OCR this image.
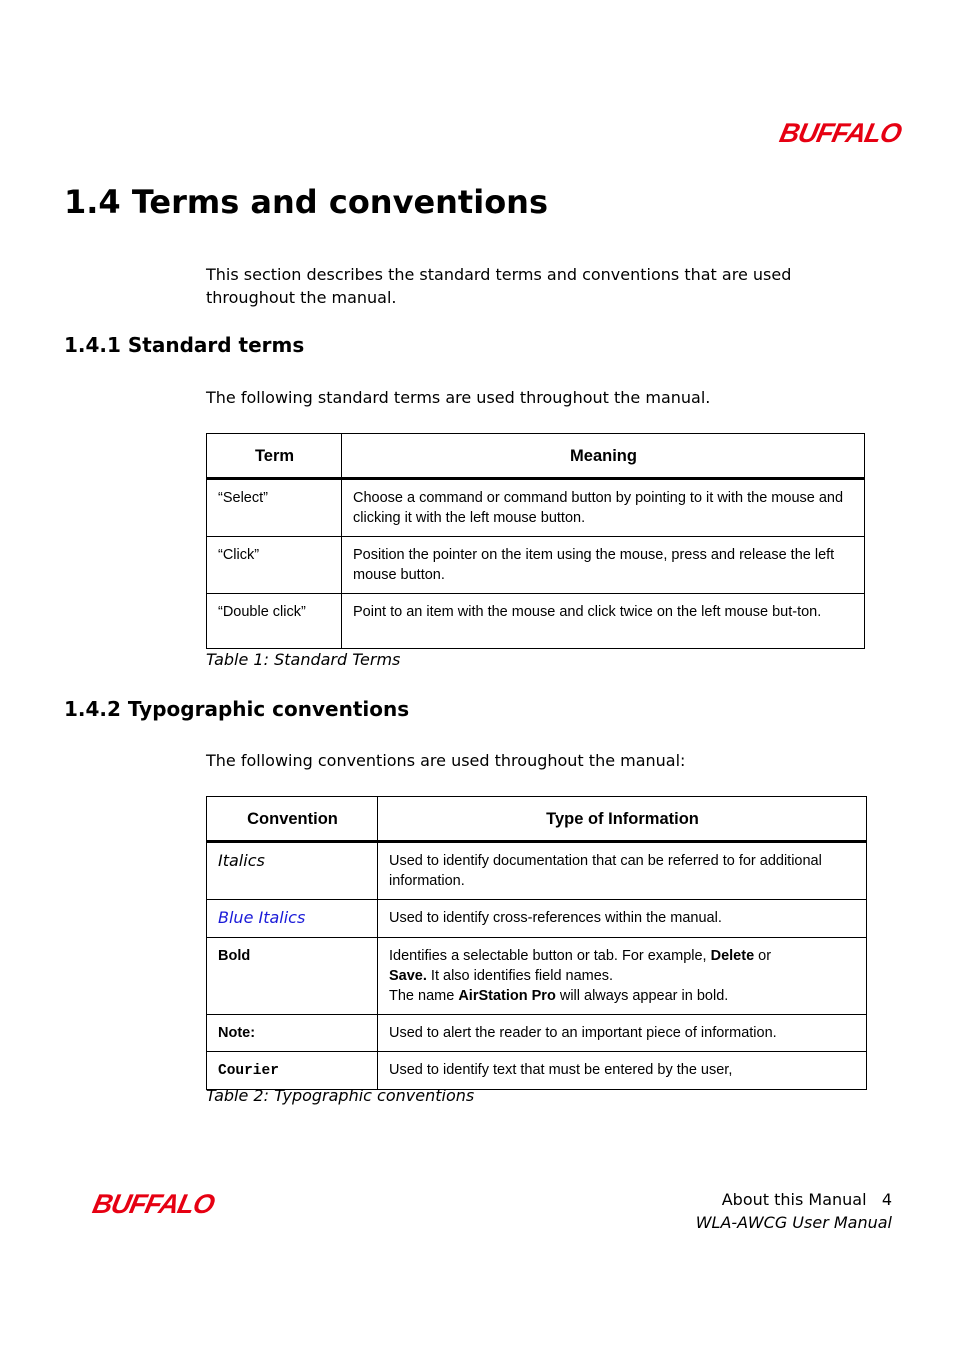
BUFFALO
1.4 Terms and conventions

This section describes the standard terms and conventions that are used throughout the manual.

1.4.1 Standard terms

The following standard terms are used throughout the manual.

Term	Meaning
“Select”	Choose a command or command button by pointing to it with the mouse and clicking it with the left mouse button.
“Click”	Position the pointer on the item using the mouse, press and release the left mouse button.
“Double click”	Point to an item with the mouse and click twice on the left mouse but-ton.

Table 1: Standard Terms

1.4.2 Typographic conventions

The following conventions are used throughout the manual:

Convention	Type of Information
Italics	Used to identify documentation that can be referred to for additional information.
Blue Italics	Used to identify cross-references within the manual.
Bold	Identifies a selectable button or tab. For example, Delete or
Save. It also identifies field names.
The name AirStation Pro will always appear in bold.
Note:	Used to alert the reader to an important piece of information.
Courier	Used to identify text that must be entered by the user,

Table 2: Typographic conventions

BUFFALO	About this Manual 4
WLA-AWCG User Manual
